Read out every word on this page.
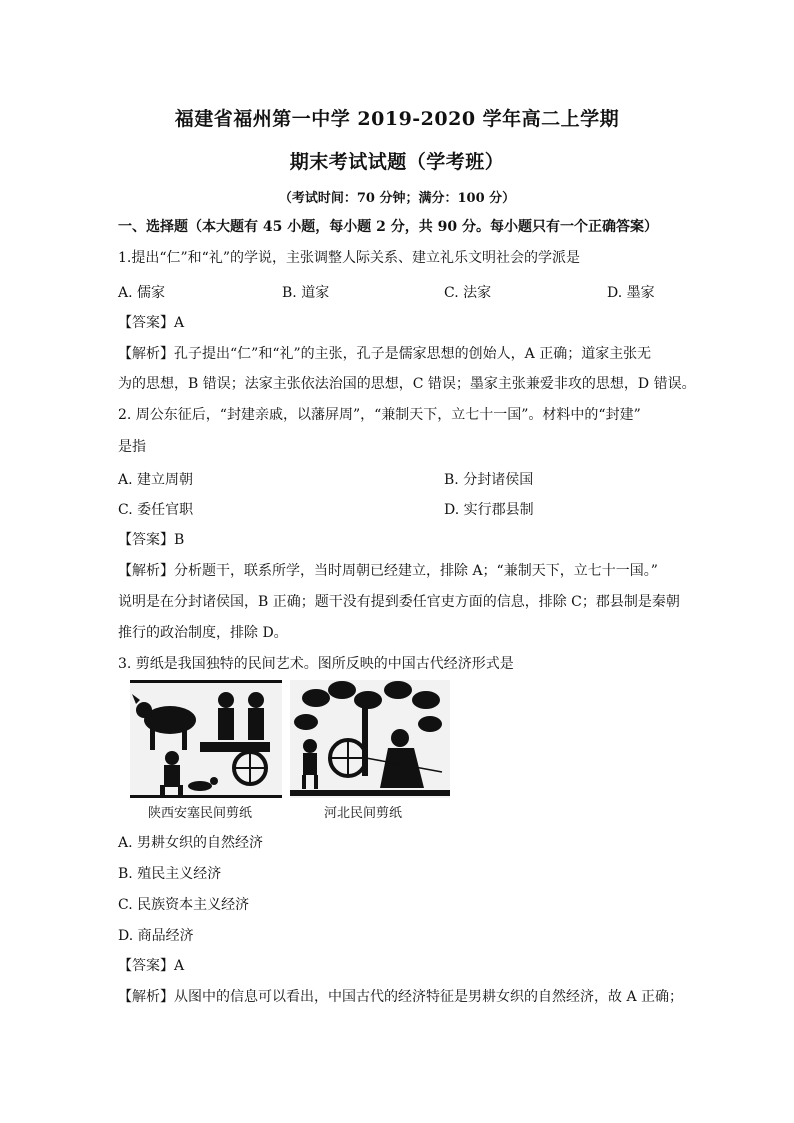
福建省福州第一中学 2019-2020 学年高二上学期
期末考试试题（学考班）
（考试时间：70 分钟；满分：100 分）
一、选择题（本大题有 45 小题，每小题 2 分，共 90 分。每小题只有一个正确答案）
1.提出“仁”和“礼”的学说，主张调整人际关系、建立礼乐文明社会的学派是
A. 儒家	B. 道家	C. 法家	D. 墨家
【答案】A
【解析】孔子提出“仁”和“礼”的主张，孔子是儒家思想的创始人，A 正确；道家主张无
为的思想，B 错误；法家主张依法治国的思想，C 错误；墨家主张兼爱非攻的思想，D 错误。
2. 周公东征后，“封建亲戚，以藩屏周”，“兼制天下，立七十一国”。材料中的“封建”
是指
A. 建立周朝	B. 分封诸侯国
C. 委任官职	D. 实行郡县制
【答案】B
【解析】分析题干，联系所学，当时周朝已经建立，排除 A；“兼制天下，立七十一国。”
说明是在分封诸侯国，B 正确；题干没有提到委任官吏方面的信息，排除 C；郡县制是秦朝
推行的政治制度，排除 D。
3. 剪纸是我国独特的民间艺术。图所反映的中国古代经济形式是
陕西安塞民间剪纸	河北民间剪纸
A. 男耕女织的自然经济
B. 殖民主义经济
C. 民族资本主义经济
D. 商品经济
【答案】A
【解析】从图中的信息可以看出，中国古代的经济特征是男耕女织的自然经济，故 A 正确；
